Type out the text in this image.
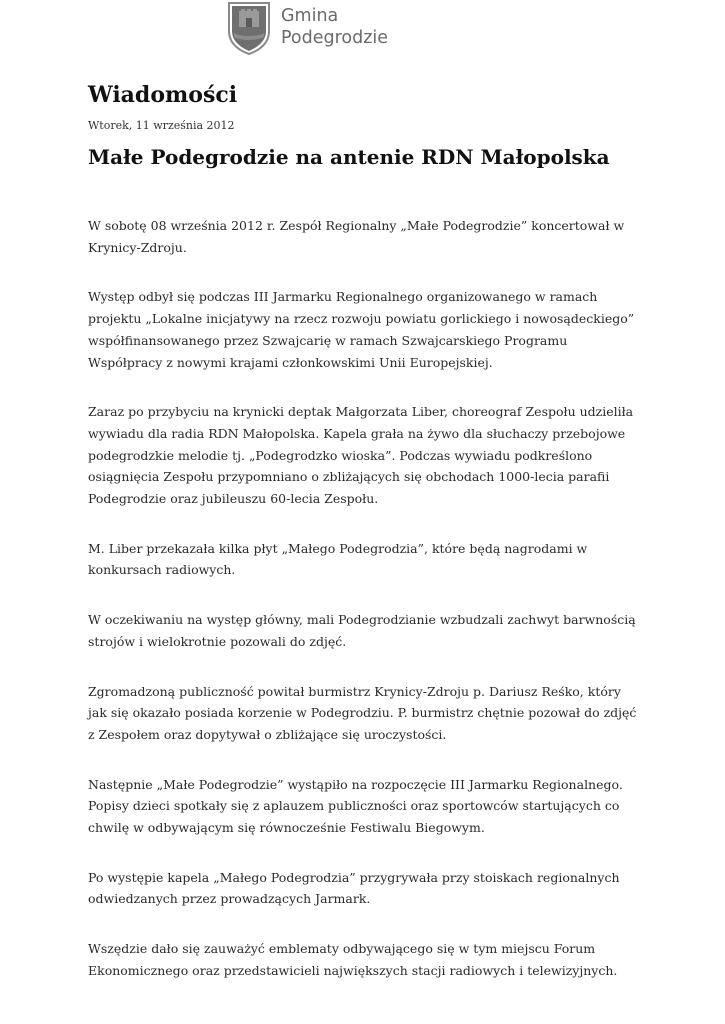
Gmina
Podegrodzie
Wiadomości
Wtorek, 11 września 2012
Małe Podegrodzie na antenie RDN Małopolska

W sobotę 08 września 2012 r. Zespół Regionalny „Małe Podegrodzie” koncertował w Krynicy-Zdroju.

Występ odbył się podczas III Jarmarku Regionalnego organizowanego w ramach projektu „Lokalne inicjatywy na rzecz rozwoju powiatu gorlickiego i nowosądeckiego” współfinansowanego przez Szwajcarię w ramach Szwajcarskiego Programu Współpracy z nowymi krajami członkowskimi Unii Europejskiej.

Zaraz po przybyciu na krynicki deptak Małgorzata Liber, choreograf Zespołu udzieliła wywiadu dla radia RDN Małopolska. Kapela grała na żywo dla słuchaczy przebojowe podegrodzkie melodie tj. „Podegrodzko wioska”. Podczas wywiadu podkreślono osiągnięcia Zespołu przypomniano o zbliżających się obchodach 1000-lecia parafii Podegrodzie oraz jubileuszu 60-lecia Zespołu.

M. Liber przekazała kilka płyt „Małego Podegrodzia”, które będą nagrodami w konkursach radiowych.

W oczekiwaniu na występ główny, mali Podegrodzianie wzbudzali zachwyt barwnością strojów i wielokrotnie pozowali do zdjęć.

Zgromadzoną publiczność powitał burmistrz Krynicy-Zdroju p. Dariusz Reśko, który jak się okazało posiada korzenie w Podegrodziu. P. burmistrz chętnie pozował do zdjęć z Zespołem oraz dopytywał o zbliżające się uroczystości.

Następnie „Małe Podegrodzie” wystąpiło na rozpoczęcie III Jarmarku Regionalnego. Popisy dzieci spotkały się z aplauzem publiczności oraz sportowców startujących co chwilę w odbywającym się równocześnie Festiwalu Biegowym.

Po występie kapela „Małego Podegrodzia” przygrywała przy stoiskach regionalnych odwiedzanych przez prowadzących Jarmark.

Wszędzie dało się zauważyć emblematy odbywającego się w tym miejscu Forum Ekonomicznego oraz przedstawicieli największych stacji radiowych i telewizyjnych.
